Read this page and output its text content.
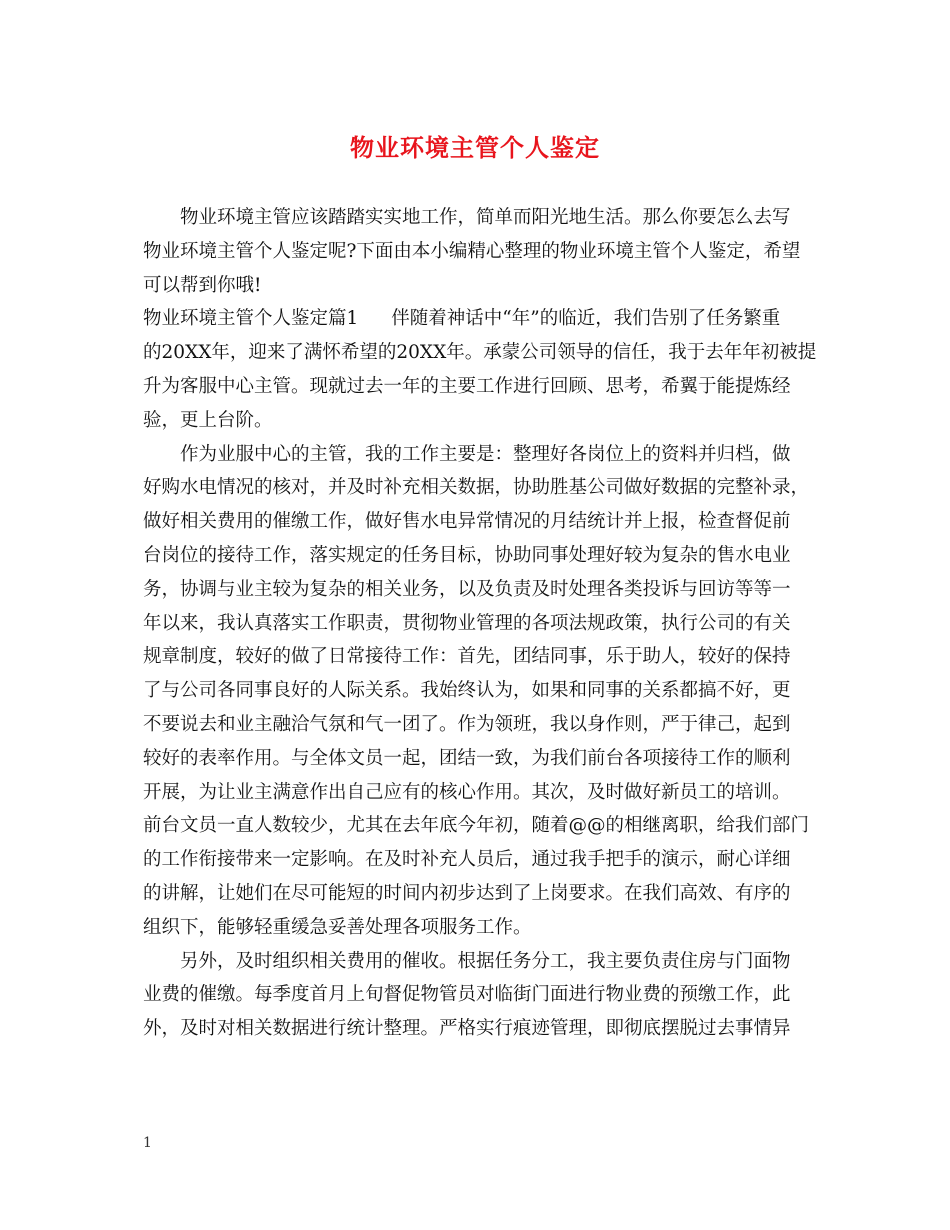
物业环境主管个人鉴定
物业环境主管应该踏踏实实地工作，简单而阳光地生活。那么你要怎么去写
物业环境主管个人鉴定呢?下面由本小编精心整理的物业环境主管个人鉴定，希望
可以帮到你哦!
物业环境主管个人鉴定篇1 伴随着神话中“年”的临近，我们告别了任务繁重
的20XX年，迎来了满怀希望的20XX年。承蒙公司领导的信任，我于去年年初被提
升为客服中心主管。现就过去一年的主要工作进行回顾、思考，希翼于能提炼经
验，更上台阶。
作为业服中心的主管，我的工作主要是：整理好各岗位上的资料并归档，做
好购水电情况的核对，并及时补充相关数据，协助胜基公司做好数据的完整补录，
做好相关费用的催缴工作，做好售水电异常情况的月结统计并上报，检查督促前
台岗位的接待工作，落实规定的任务目标，协助同事处理好较为复杂的售水电业
务，协调与业主较为复杂的相关业务，以及负责及时处理各类投诉与回访等等一
年以来，我认真落实工作职责，贯彻物业管理的各项法规政策，执行公司的有关
规章制度，较好的做了日常接待工作：首先，团结同事，乐于助人，较好的保持
了与公司各同事良好的人际关系。我始终认为，如果和同事的关系都搞不好，更
不要说去和业主融洽气氛和气一团了。作为领班，我以身作则，严于律己，起到
较好的表率作用。与全体文员一起，团结一致，为我们前台各项接待工作的顺利
开展，为让业主满意作出自己应有的核心作用。其次，及时做好新员工的培训。
前台文员一直人数较少，尤其在去年底今年初，随着@@的相继离职，给我们部门
的工作衔接带来一定影响。在及时补充人员后，通过我手把手的演示，耐心详细
的讲解，让她们在尽可能短的时间内初步达到了上岗要求。在我们高效、有序的
组织下，能够轻重缓急妥善处理各项服务工作。
另外，及时组织相关费用的催收。根据任务分工，我主要负责住房与门面物
业费的催缴。每季度首月上旬督促物管员对临街门面进行物业费的预缴工作，此
外，及时对相关数据进行统计整理。严格实行痕迹管理，即彻底摆脱过去事情异
1
